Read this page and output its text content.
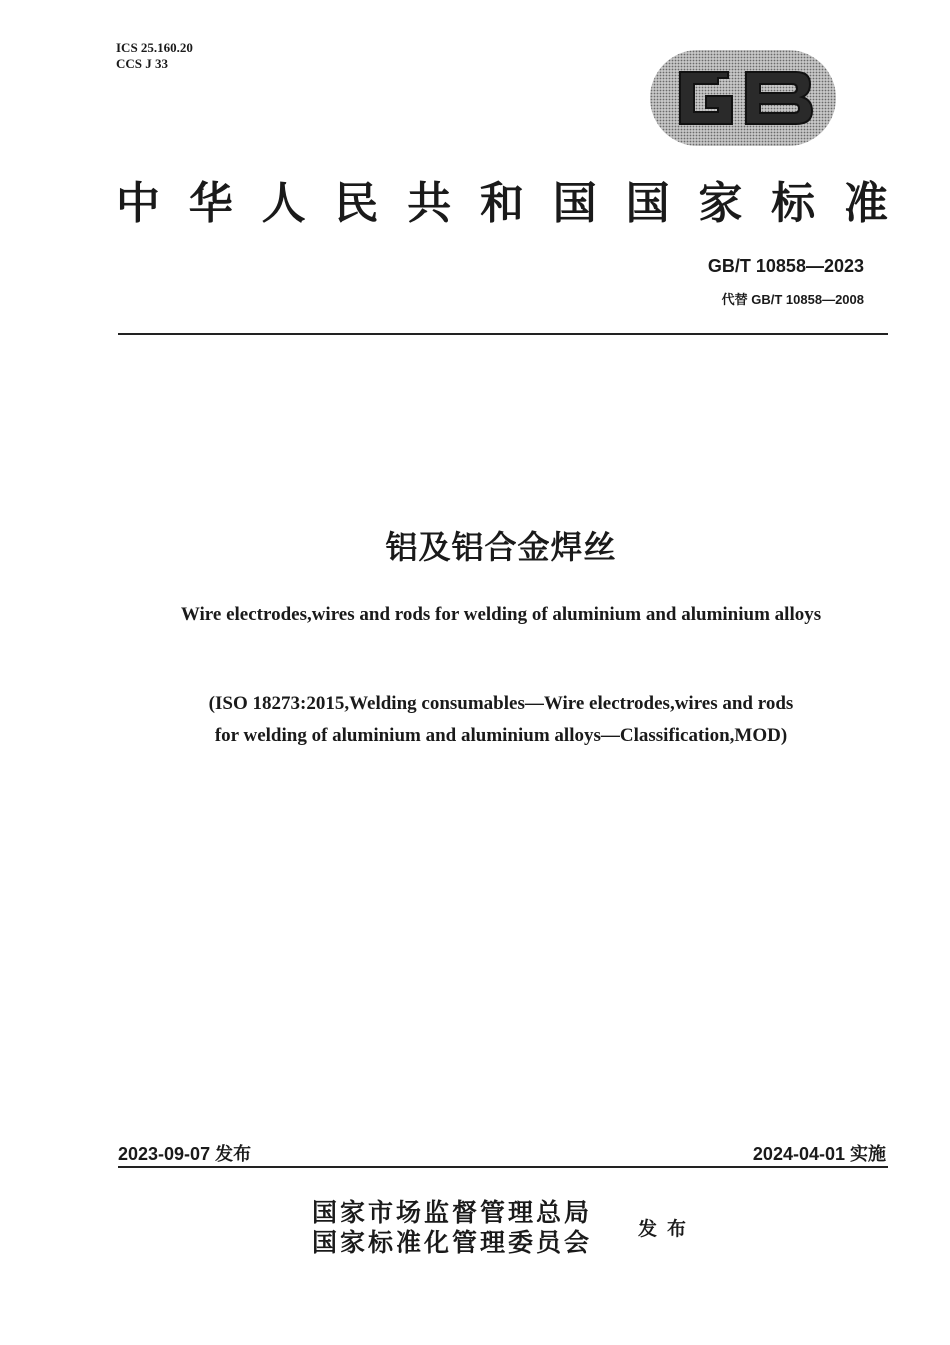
ICS 25.160.20
CCS J 33
中 华 人 民 共 和 国 国 家 标 准
GB/T 10858—2023
代替 GB/T 10858—2008
铝及铝合金焊丝
Wire electrodes,wires and rods for welding of aluminium and aluminium alloys
(ISO 18273:2015,Welding consumables—Wire electrodes,wires and rods
for welding of aluminium and aluminium alloys—Classification,MOD)
2023-09-07 发布	2024-04-01 实施
国家市场监督管理总局
国家标准化管理委员会 发布
